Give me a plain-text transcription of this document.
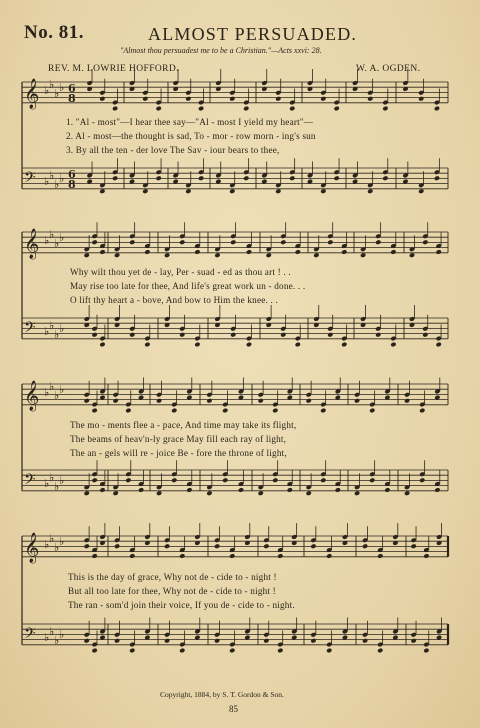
No. 81.	ALMOST PERSUADED.
"Almost thou persuadest me to be a Christian."—Acts xxvi: 28.
REV. M. LOWRIE HOFFORD.	W. A. OGDEN.
𝄞 ♭ ♭
♭ ♭ 6
8
𝄢 ♭ ♭
♭ ♭ 6
8
𝄞 ♭ ♭
♭ ♭
𝄢 ♭ ♭
♭ ♭
𝄞 ♭ ♭
♭ ♭
𝄢 ♭ ♭
♭ ♭
𝄞 ♭ ♭
♭ ♭
𝄢 ♭ ♭
♭ ♭
1. "Al - most"—I hear thee say—"Al - most I yield my heart"—
2. Al - most—the thought is sad, To - mor - row morn - ing's sun
3. By all the ten - der love The Sav - iour bears to thee,
Why wilt thou yet de - lay, Per - suad - ed as thou art ! . .
May rise too late for thee, And life's great work un - done. . .
O lift thy heart a - bove, And bow to Him the knee. . .
The mo - ments flee a - pace, And time may take its flight,
The beams of heav'n-ly grace May fill each ray of light,
The an - gels will re - joice Be - fore the throne of light,
This is the day of grace, Why not de - cide to - night !
But all too late for thee, Why not de - cide to - night !
The ran - som'd join their voice, If you de - cide to - night.
Copyright, 1884, by S. T. Gordon & Son.
85
